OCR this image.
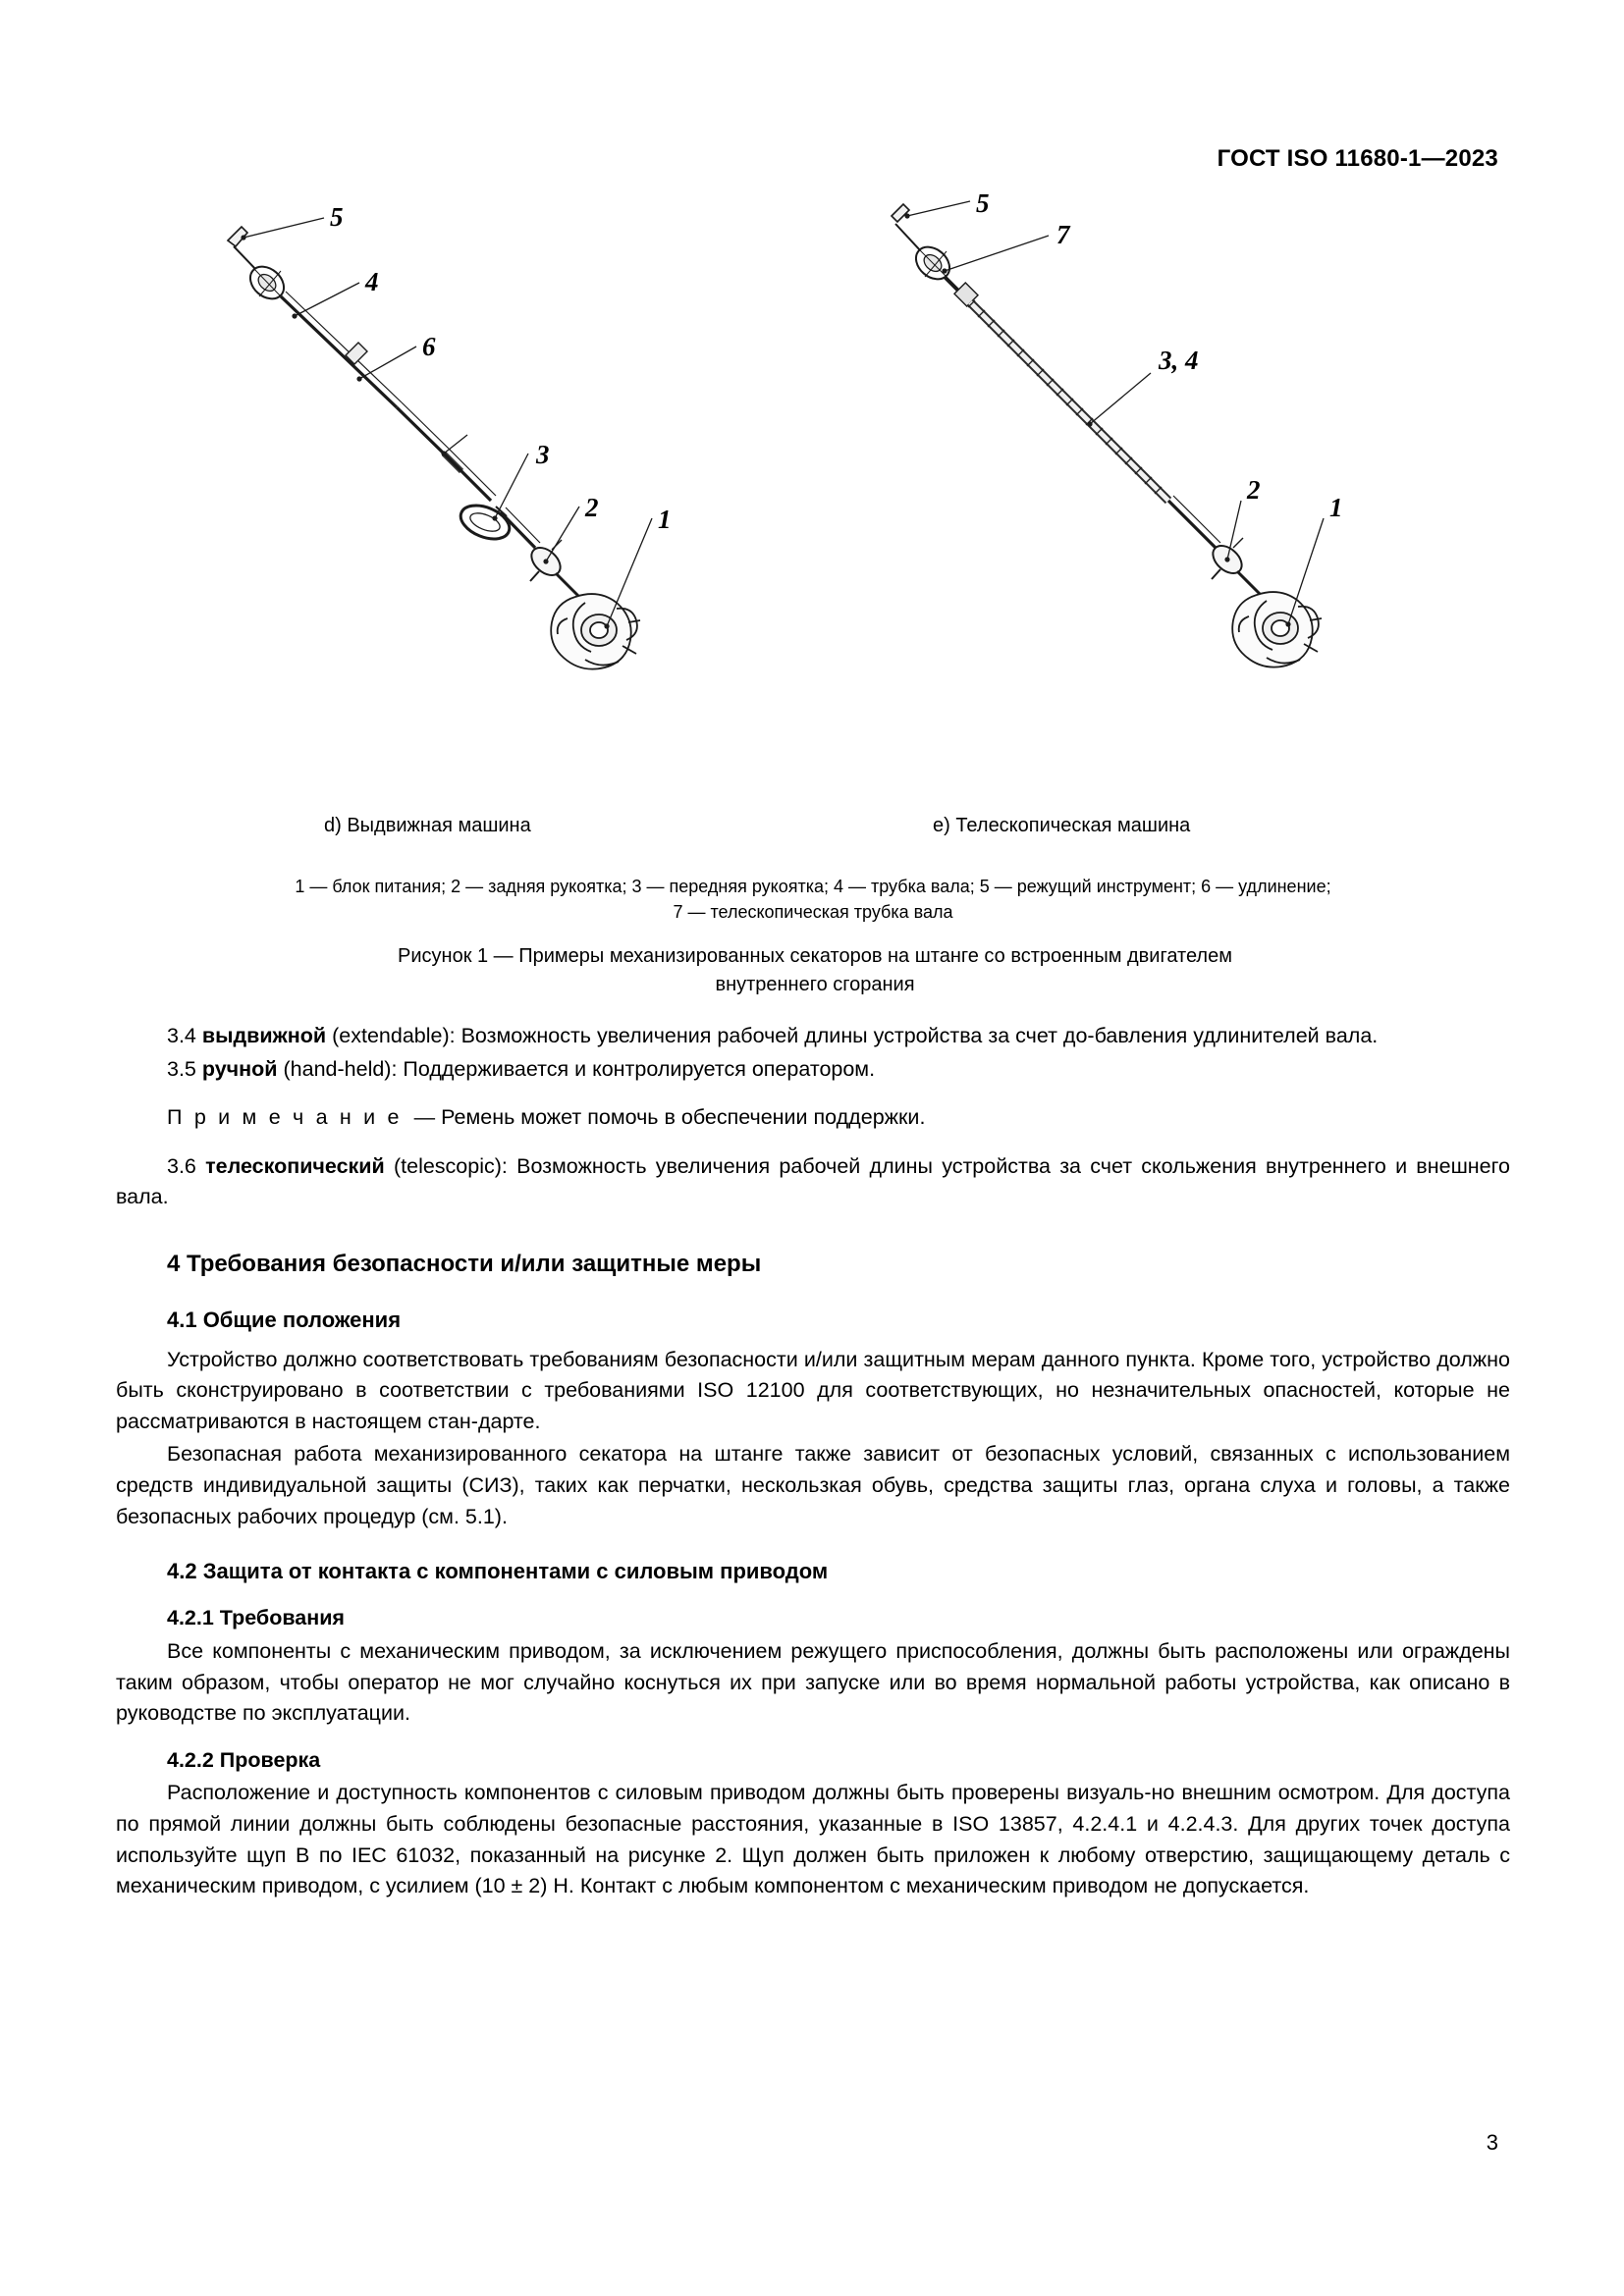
ГОСТ ISO 11680-1—2023
5
4
6
3
2 1
5
7
3, 4
2
1
d) Выдвижная машина	e) Телескопическая машина
1 — блок питания; 2 — задняя рукоятка; 3 — передняя рукоятка; 4 — трубка вала; 5 — режущий инструмент; 6 — удлинение;
7 — телескопическая трубка вала
Рисунок 1 — Примеры механизированных секаторов на штанге со встроенным двигателем
внутреннего сгорания

3.4 выдвижной (extendable): Возможность увеличения рабочей длины устройства за счет до-бавления удлинителей вала.

3.5 ручной (hand-held): Поддерживается и контролируется оператором.

П р и м е ч а н и е — Ремень может помочь в обеспечении поддержки.

3.6 телескопический (telescopic): Возможность увеличения рабочей длины устройства за счет скольжения внутреннего и внешнего вала.

4 Требования безопасности и/или защитные меры
4.1 Общие положения

Устройство должно соответствовать требованиям безопасности и/или защитным мерам данного пункта. Кроме того, устройство должно быть сконструировано в соответствии с требованиями ISO 12100 для соответствующих, но незначительных опасностей, которые не рассматриваются в настоящем стан-дарте.

Безопасная работа механизированного секатора на штанге также зависит от безопасных условий, связанных с использованием средств индивидуальной защиты (СИЗ), таких как перчатки, нескользкая обувь, средства защиты глаз, органа слуха и головы, а также безопасных рабочих процедур (см. 5.1).

4.2 Защита от контакта с компонентами с силовым приводом
4.2.1 Требования

Все компоненты с механическим приводом, за исключением режущего приспособления, должны быть расположены или ограждены таким образом, чтобы оператор не мог случайно коснуться их при запуске или во время нормальной работы устройства, как описано в руководстве по эксплуатации.

4.2.2 Проверка

Расположение и доступность компонентов с силовым приводом должны быть проверены визуаль-но внешним осмотром. Для доступа по прямой линии должны быть соблюдены безопасные расстояния, указанные в ISO 13857, 4.2.4.1 и 4.2.4.3. Для других точек доступа используйте щуп В по IEC 61032, показанный на рисунке 2. Щуп должен быть приложен к любому отверстию, защищающему деталь с механическим приводом, с усилием (10 ± 2) Н. Контакт с любым компонентом с механическим приводом не допускается.

3
